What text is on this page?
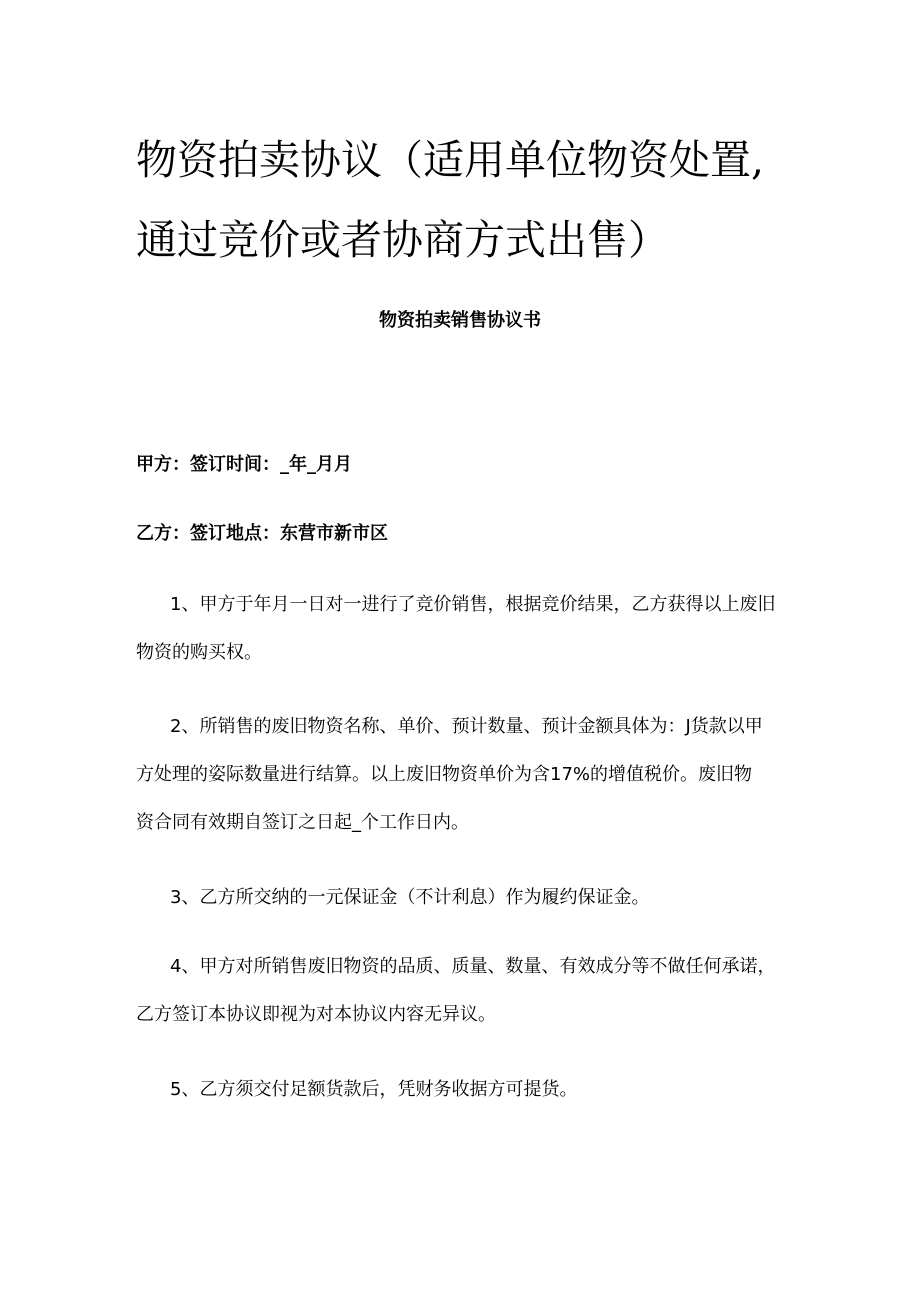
物资拍卖协议（适用单位物资处置,
通过竞价或者协商方式出售）

物资拍卖销售协议书

甲方：签订时间：_年_月月
乙方：签订地点：东营市新市区
1、甲方于年月一日对一进行了竞价销售，根据竞价结果，乙方获得以上废旧
物资的购买权。
2、所销售的废旧物资名称、单价、预计数量、预计金额具体为：J货款以甲
方处理的姿际数量进行结算。以上废旧物资单价为含17%的增值税价。废旧物
资合同有效期自签订之日起_个工作日内。
3、乙方所交纳的一元保证金（不计利息）作为履约保证金。
4、甲方对所销售废旧物资的品质、质量、数量、有效成分等不做任何承诺，
乙方签订本协议即视为对本协议内容无异议。
5、乙方须交付足额货款后，凭财务收据方可提货。
